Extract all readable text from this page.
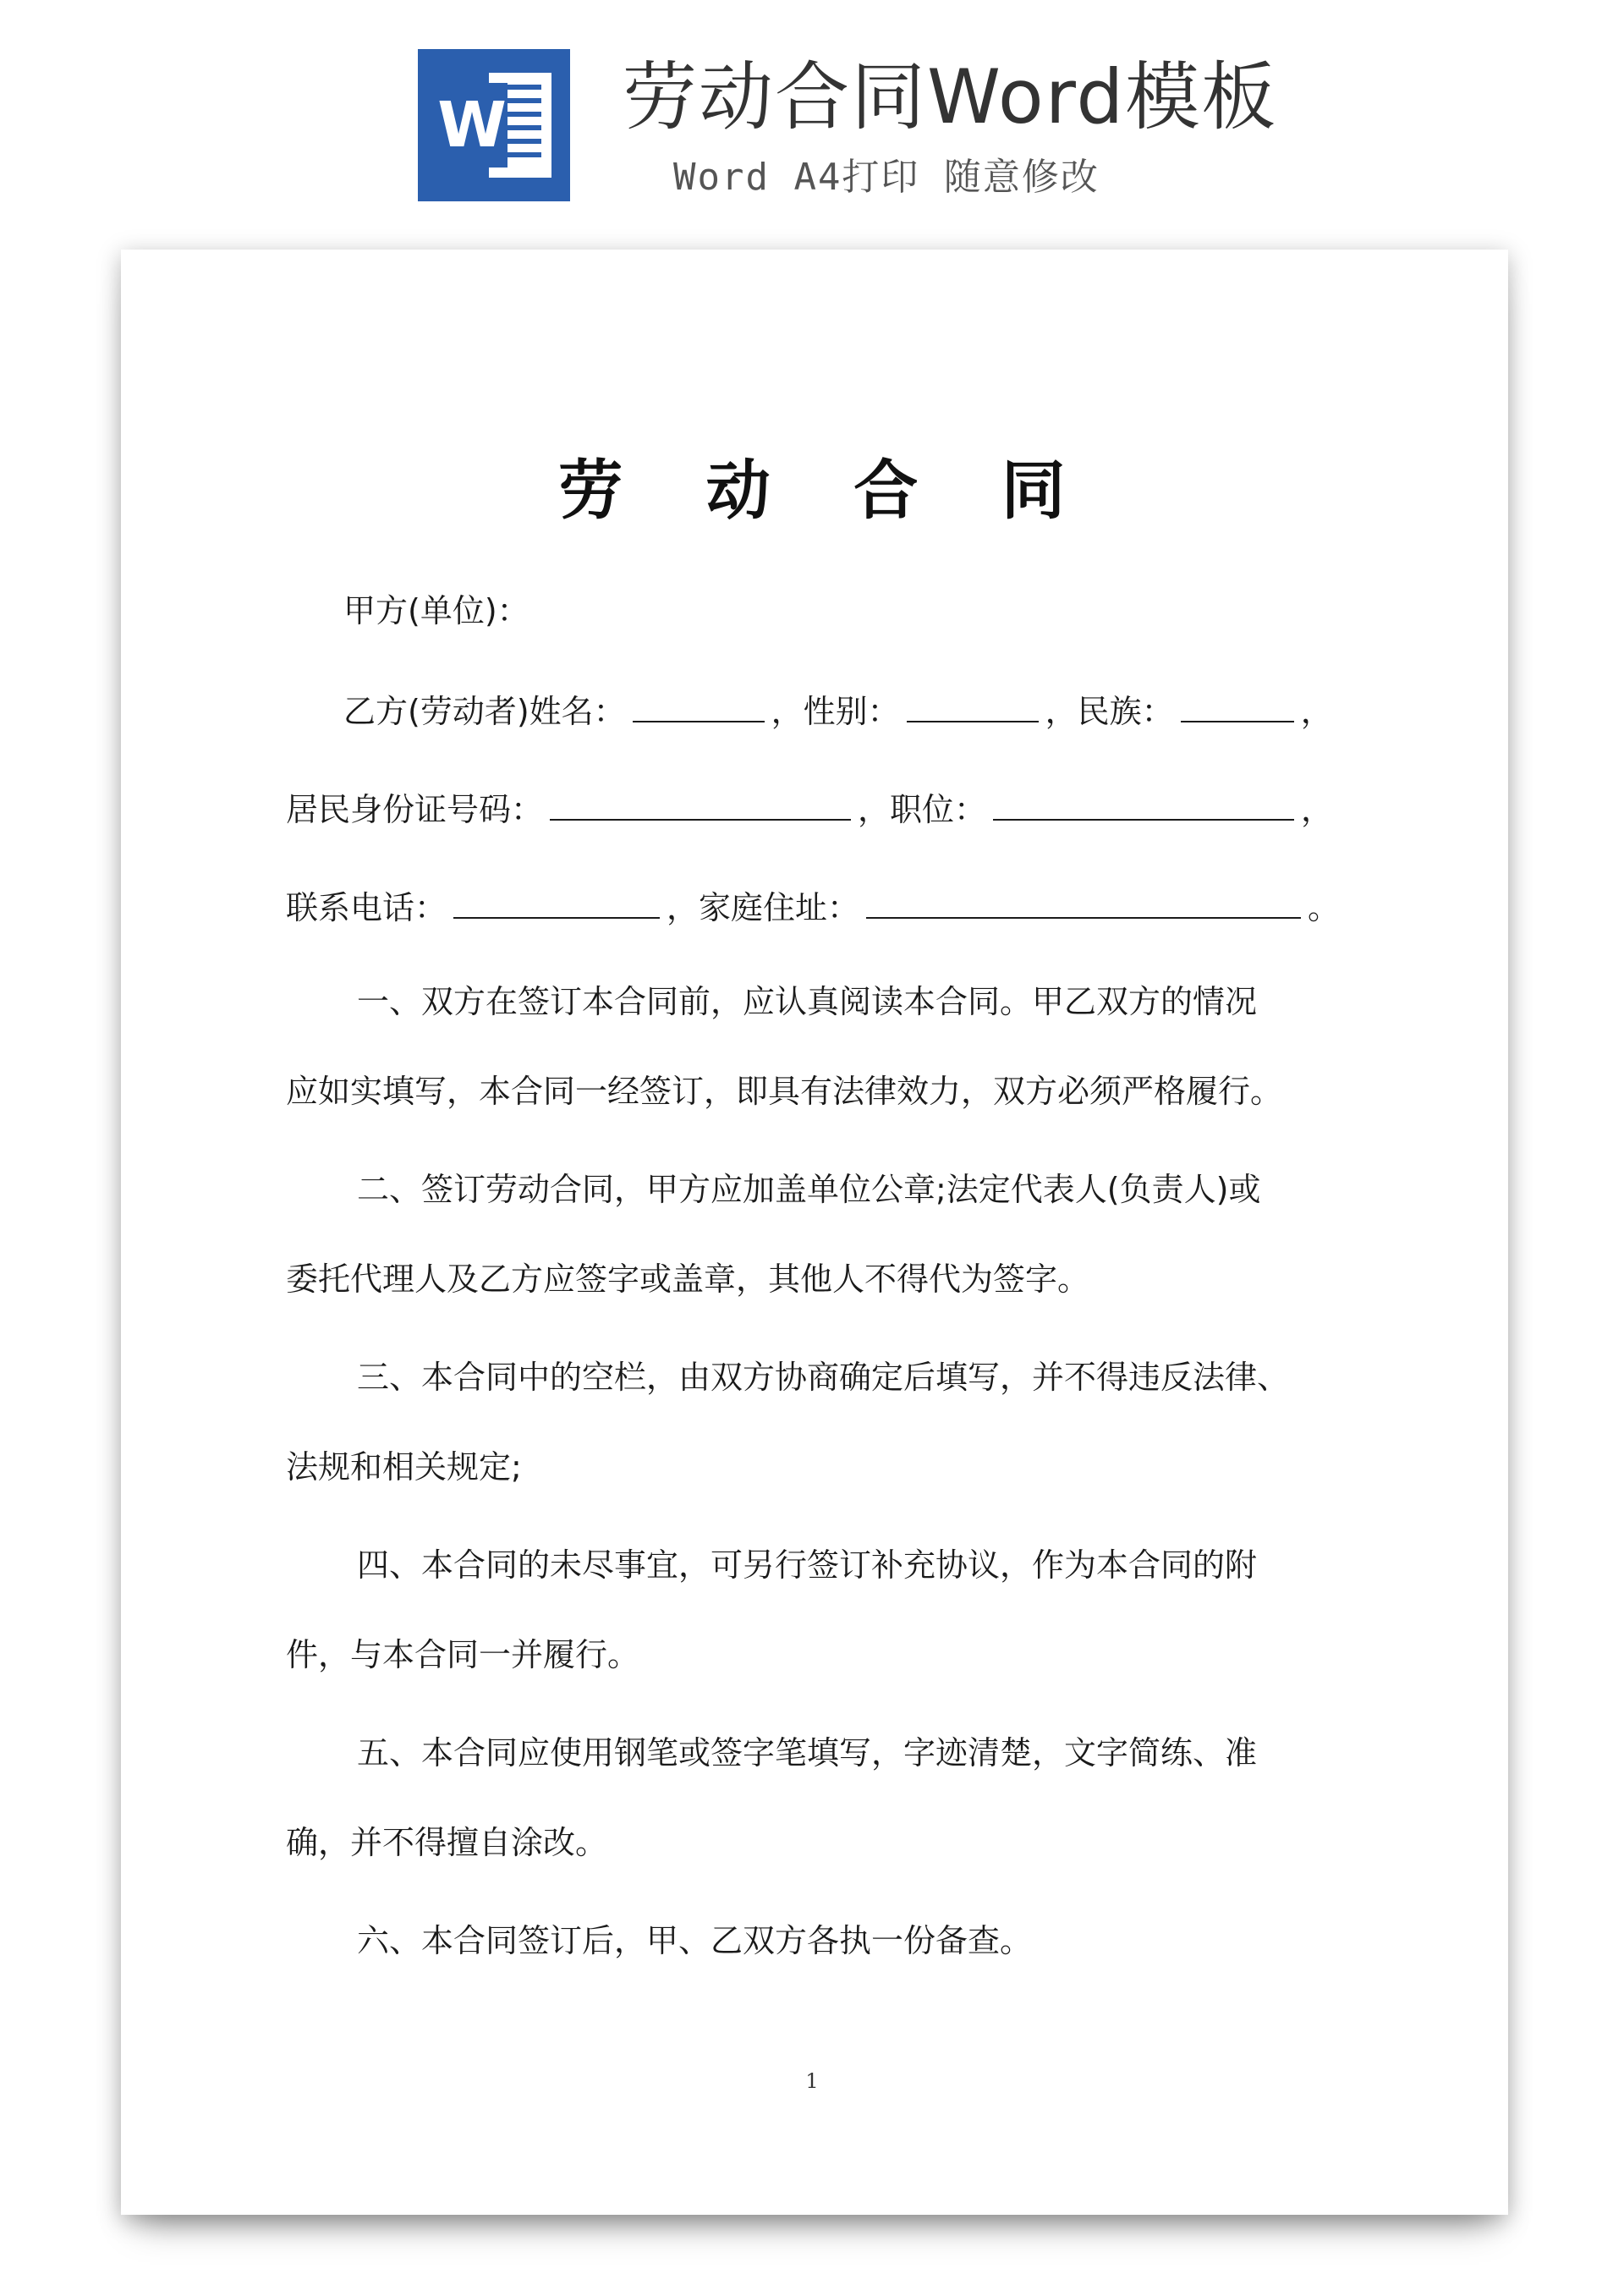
W 劳动合同Word模板
Word A4打印 随意修改
劳 动 合 同
甲方(单位)：
乙方(劳动者)姓名：	，性别：	，民族：	，
居民身份证号码：	，职位：	，
联系电话：	，家庭住址：	。
一、双方在签订本合同前，应认真阅读本合同。甲乙双方的情况
应如实填写，本合同一经签订，即具有法律效力，双方必须严格履行。
二、签订劳动合同，甲方应加盖单位公章;法定代表人(负责人)或
委托代理人及乙方应签字或盖章，其他人不得代为签字。
三、本合同中的空栏，由双方协商确定后填写，并不得违反法律、
法规和相关规定;
四、本合同的未尽事宜，可另行签订补充协议，作为本合同的附
件，与本合同一并履行。
五、本合同应使用钢笔或签字笔填写，字迹清楚，文字简练、准
确，并不得擅自涂改。
六、本合同签订后，甲、乙双方各执一份备查。
1
